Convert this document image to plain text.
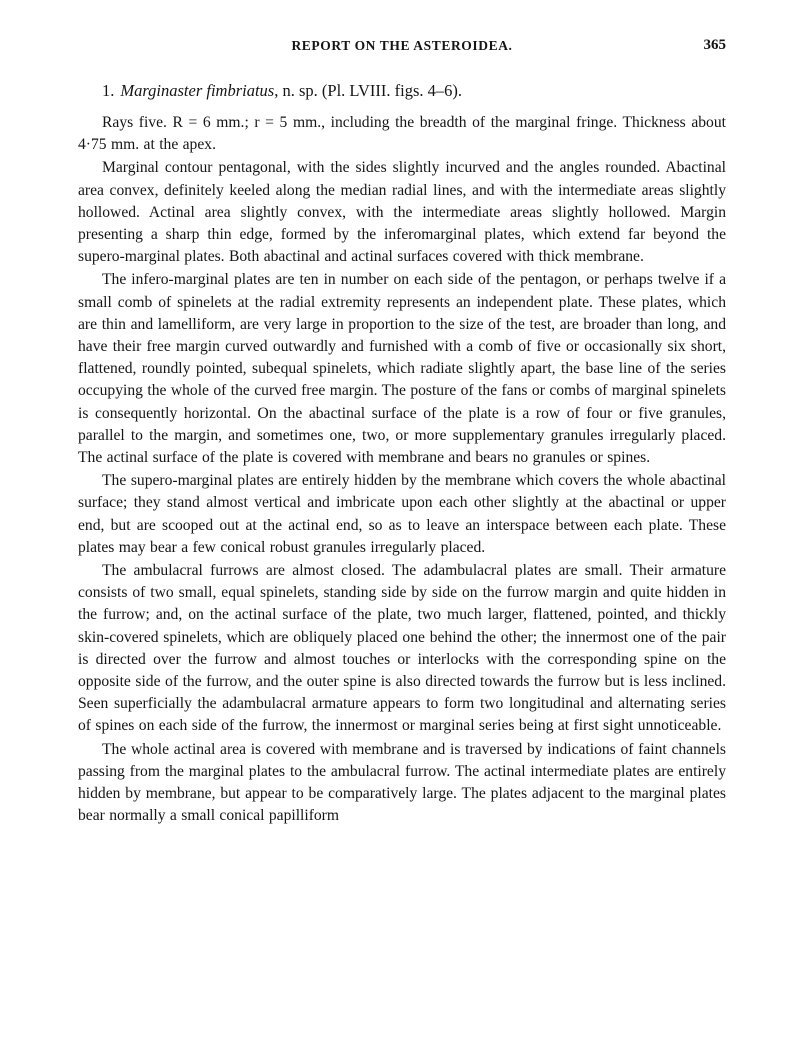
REPORT ON THE ASTEROIDEA.	365
1. Marginaster fimbriatus, n. sp. (Pl. LVIII. figs. 4–6).

Rays five. R = 6 mm.; r = 5 mm., including the breadth of the marginal fringe. Thickness about 4·75 mm. at the apex.

Marginal contour pentagonal, with the sides slightly incurved and the angles rounded. Abactinal area convex, definitely keeled along the median radial lines, and with the intermediate areas slightly hollowed. Actinal area slightly convex, with the intermediate areas slightly hollowed. Margin presenting a sharp thin edge, formed by the inferomarginal plates, which extend far beyond the supero-marginal plates. Both abactinal and actinal surfaces covered with thick membrane.

The infero-marginal plates are ten in number on each side of the pentagon, or perhaps twelve if a small comb of spinelets at the radial extremity represents an independent plate. These plates, which are thin and lamelliform, are very large in proportion to the size of the test, are broader than long, and have their free margin curved outwardly and furnished with a comb of five or occasionally six short, flattened, roundly pointed, subequal spinelets, which radiate slightly apart, the base line of the series occupying the whole of the curved free margin. The posture of the fans or combs of marginal spinelets is consequently horizontal. On the abactinal surface of the plate is a row of four or five granules, parallel to the margin, and sometimes one, two, or more supplementary granules irregularly placed. The actinal surface of the plate is covered with membrane and bears no granules or spines.

The supero-marginal plates are entirely hidden by the membrane which covers the whole abactinal surface; they stand almost vertical and imbricate upon each other slightly at the abactinal or upper end, but are scooped out at the actinal end, so as to leave an interspace between each plate. These plates may bear a few conical robust granules irregularly placed.

The ambulacral furrows are almost closed. The adambulacral plates are small. Their armature consists of two small, equal spinelets, standing side by side on the furrow margin and quite hidden in the furrow; and, on the actinal surface of the plate, two much larger, flattened, pointed, and thickly skin-covered spinelets, which are obliquely placed one behind the other; the innermost one of the pair is directed over the furrow and almost touches or interlocks with the corresponding spine on the opposite side of the furrow, and the outer spine is also directed towards the furrow but is less inclined. Seen superficially the adambulacral armature appears to form two longitudinal and alternating series of spines on each side of the furrow, the innermost or marginal series being at first sight unnoticeable.

The whole actinal area is covered with membrane and is traversed by indications of faint channels passing from the marginal plates to the ambulacral furrow. The actinal intermediate plates are entirely hidden by membrane, but appear to be comparatively large. The plates adjacent to the marginal plates bear normally a small conical papilliform
